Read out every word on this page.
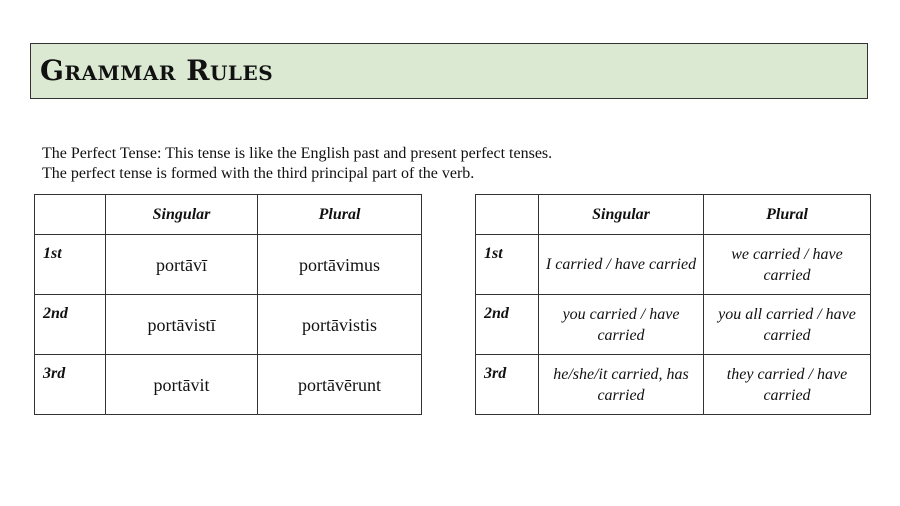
Grammar Rules

The Perfect Tense: This tense is like the English past and present perfect tenses.

The perfect tense is formed with the third principal part of the verb.

	Singular	Plural
1st	portāvī	portāvimus
2nd	portāvistī	portāvistis
3rd	portāvit	portāvērunt
	Singular	Plural
1st	I carried / have carried	we carried / have carried
2nd	you carried / have carried	you all carried / have carried
3rd	he/she/it carried, has carried	they carried / have carried
